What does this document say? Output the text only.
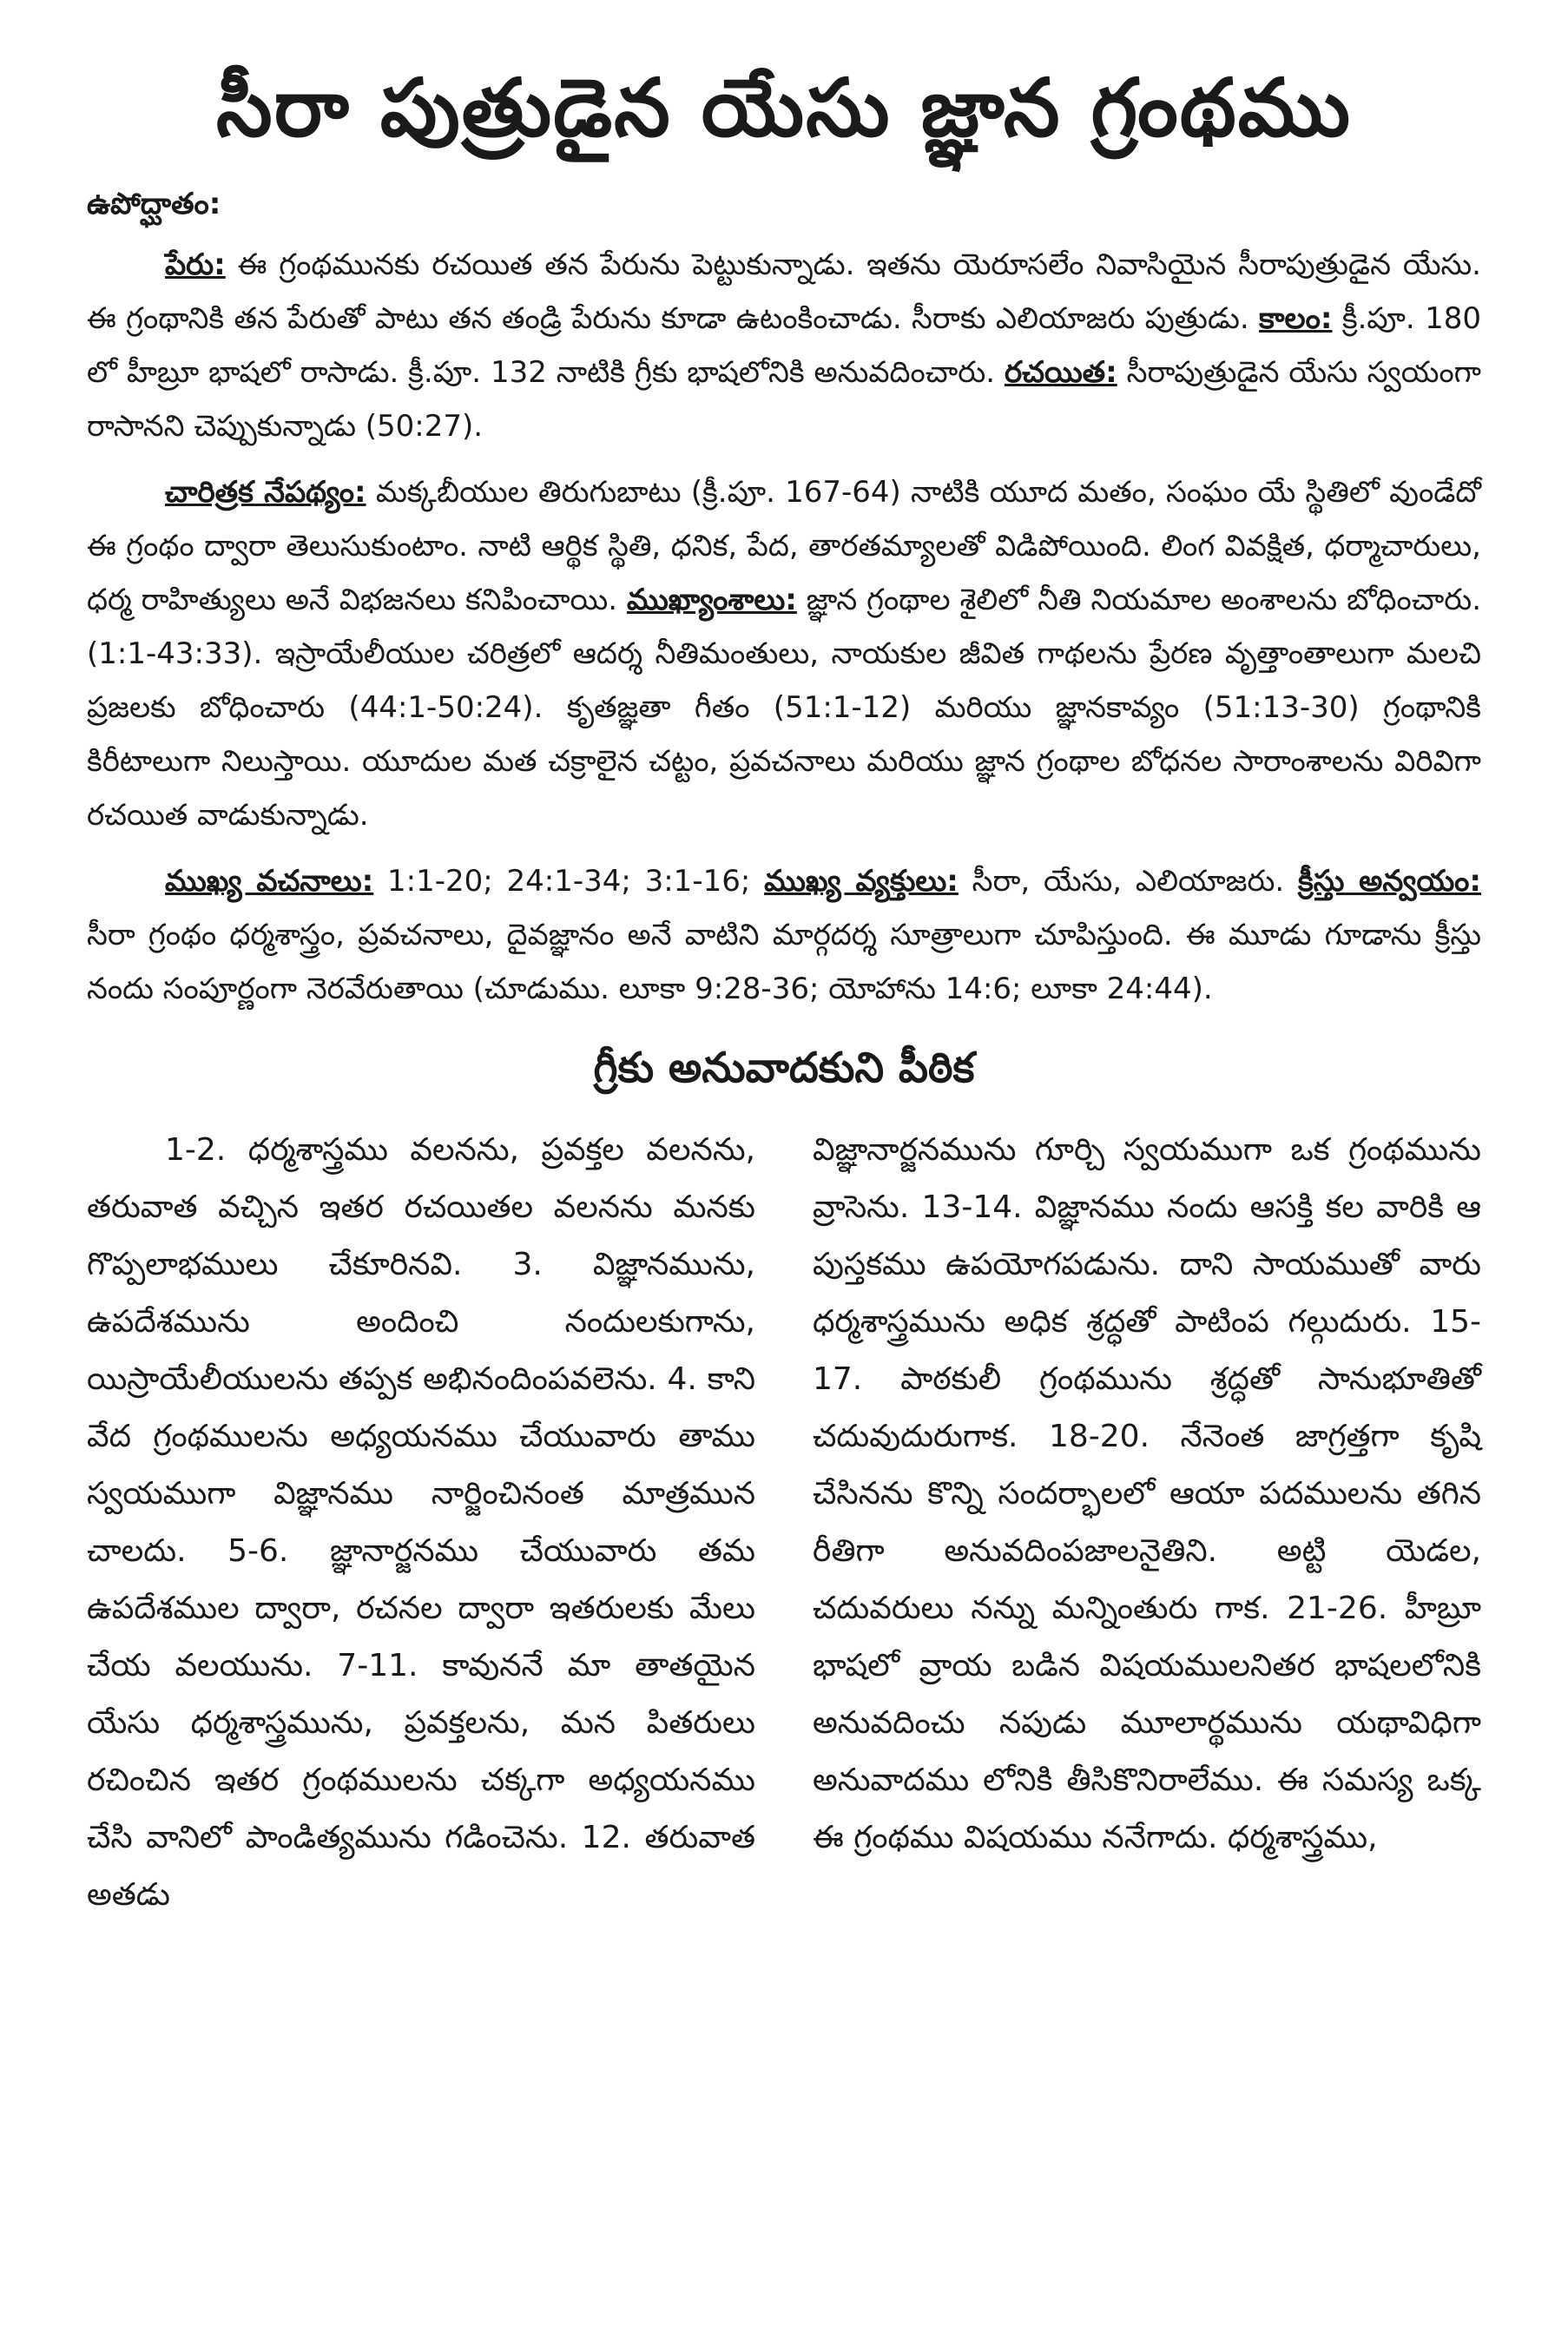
సీరా పుత్రుడైన యేసు జ్ఞాన గ్రంథము
ఉపోద్ఘాతం:

పేరు: ఈ గ్రంథమునకు రచయిత తన పేరును పెట్టుకున్నాడు. ఇతను యెరూసలేం నివాసియైన సీరాపుత్రుడైన యేసు. ఈ గ్రంథానికి తన పేరుతో పాటు తన తండ్రి పేరును కూడా ఉటంకించాడు. సీరాకు ఎలియాజరు పుత్రుడు. కాలం: క్రీ.పూ. 180 లో హీబ్రూ భాషలో రాసాడు. క్రీ.పూ. 132 నాటికి గ్రీకు భాషలోనికి అనువదించారు. రచయిత: సీరాపుత్రుడైన యేసు స్వయంగా రాసానని చెప్పుకున్నాడు (50:27).

చారిత్రక నేపథ్యం: మక్కబీయుల తిరుగుబాటు (క్రీ.పూ. 167-64) నాటికి యూద మతం, సంఘం యే స్థితిలో వుండేదో ఈ గ్రంథం ద్వారా తెలుసుకుంటాం. నాటి ఆర్థిక స్థితి, ధనిక, పేద, తారతమ్యాలతో విడిపోయింది. లింగ వివక్షిత, ధర్మాచారులు, ధర్మ రాహిత్యులు అనే విభజనలు కనిపించాయి. ముఖ్యాంశాలు: జ్ఞాన గ్రంథాల శైలిలో నీతి నియమాల అంశాలను బోధించారు. (1:1-43:33). ఇస్రాయేలీయుల చరిత్రలో ఆదర్శ నీతిమంతులు, నాయకుల జీవిత గాథలను ప్రేరణ వృత్తాంతాలుగా మలచి ప్రజలకు బోధించారు (44:1-50:24). కృతజ్ఞతా గీతం (51:1-12) మరియు జ్ఞానకావ్యం (51:13-30) గ్రంథానికి కిరీటాలుగా నిలుస్తాయి. యూదుల మత చక్రాలైన చట్టం, ప్రవచనాలు మరియు జ్ఞాన గ్రంథాల బోధనల సారాంశాలను విరివిగా రచయిత వాడుకున్నాడు.

ముఖ్య వచనాలు: 1:1-20; 24:1-34; 3:1-16; ముఖ్య వ్యక్తులు: సీరా, యేసు, ఎలియాజరు. క్రీస్తు అన్వయం: సీరా గ్రంథం ధర్మశాస్త్రం, ప్రవచనాలు, దైవజ్ఞానం అనే వాటిని మార్గదర్శ సూత్రాలుగా చూపిస్తుంది. ఈ మూడు గూడాను క్రీస్తు నందు సంపూర్ణంగా నెరవేరుతాయి (చూడుము. లూకా 9:28-36; యోహాను 14:6; లూకా 24:44).

గ్రీకు అనువాదకుని పీఠిక
1-2. ధర్మశాస్త్రము వలనను, ప్రవక్తల వలనను, తరువాత వచ్చిన ఇతర రచయితల వలనను మనకు గొప్పలాభములు చేకూరినవి. 3. విజ్ఞానమును, ఉపదేశమును అందించి నందులకుగాను, యిస్రాయేలీయులను తప్పక అభినందింపవలెను. 4. కాని వేద గ్రంథములను అధ్యయనము చేయువారు తాము స్వయముగా విజ్ఞానము నార్జించినంత మాత్రమున చాలదు. 5-6. జ్ఞానార్జనము చేయువారు తమ ఉపదేశముల ద్వారా, రచనల ద్వారా ఇతరులకు మేలు చేయ వలయును. 7-11. కావుననే మా తాతయైన యేసు ధర్మశాస్త్రమును, ప్రవక్తలను, మన పితరులు రచించిన ఇతర గ్రంథములను చక్కగా అధ్యయనము చేసి వానిలో పాండిత్యమును గడించెను. 12. తరువాత అతడు
విజ్ఞానార్జనమును గూర్చి స్వయముగా ఒక గ్రంథమును వ్రాసెను. 13-14. విజ్ఞానము నందు ఆసక్తి కల వారికి ఆ పుస్తకము ఉపయోగపడును. దాని సాయముతో వారు ధర్మశాస్త్రమును అధిక శ్రద్ధతో పాటింప గల్గుదురు. 15-17. పాఠకులీ గ్రంథమును శ్రద్ధతో సానుభూతితో చదువుదురుగాక. 18-20. నేనెంత జాగ్రత్తగా కృషి చేసినను కొన్ని సందర్భాలలో ఆయా పదములను తగిన రీతిగా అనువదింపజాలనైతిని. అట్టి యెడల, చదువరులు నన్ను మన్నింతురు గాక. 21-26. హీబ్రూ భాషలో వ్రాయ బడిన విషయములనితర భాషలలోనికి అనువదించు నపుడు మూలార్థమును యథావిధిగా అనువాదము లోనికి తీసికొనిరాలేము. ఈ సమస్య ఒక్క ఈ గ్రంథము విషయము ననేగాదు. ధర్మశాస్త్రము,
